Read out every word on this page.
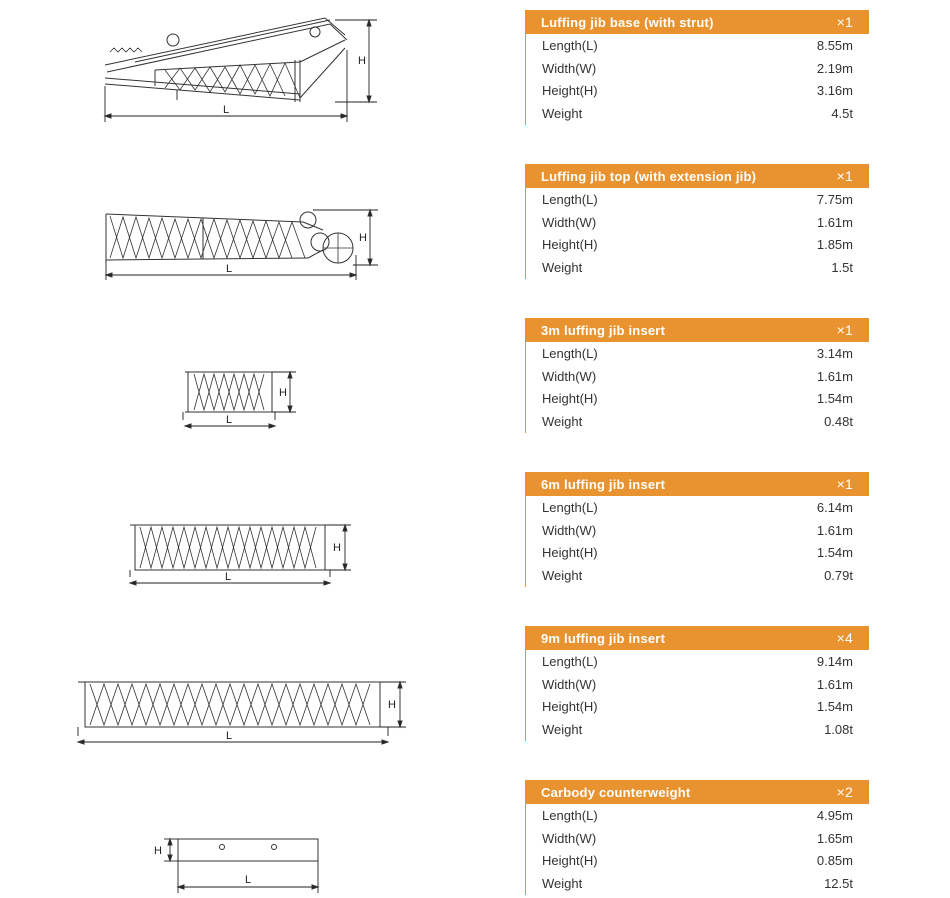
L
H
L
H
L
H
L
H
L
H
L
H
Luffing jib base (with strut)	×1
Length(L)	8.55m
Width(W)	2.19m
Height(H)	3.16m
Weight	4.5t
Luffing jib top (with extension jib)	×1
Length(L)	7.75m
Width(W)	1.61m
Height(H)	1.85m
Weight	1.5t
3m luffing jib insert	×1
Length(L)	3.14m
Width(W)	1.61m
Height(H)	1.54m
Weight	0.48t
6m luffing jib insert	×1
Length(L)	6.14m
Width(W)	1.61m
Height(H)	1.54m
Weight	0.79t
9m luffing jib insert	×4
Length(L)	9.14m
Width(W)	1.61m
Height(H)	1.54m
Weight	1.08t
Carbody counterweight	×2
Length(L)	4.95m
Width(W)	1.65m
Height(H)	0.85m
Weight	12.5t
